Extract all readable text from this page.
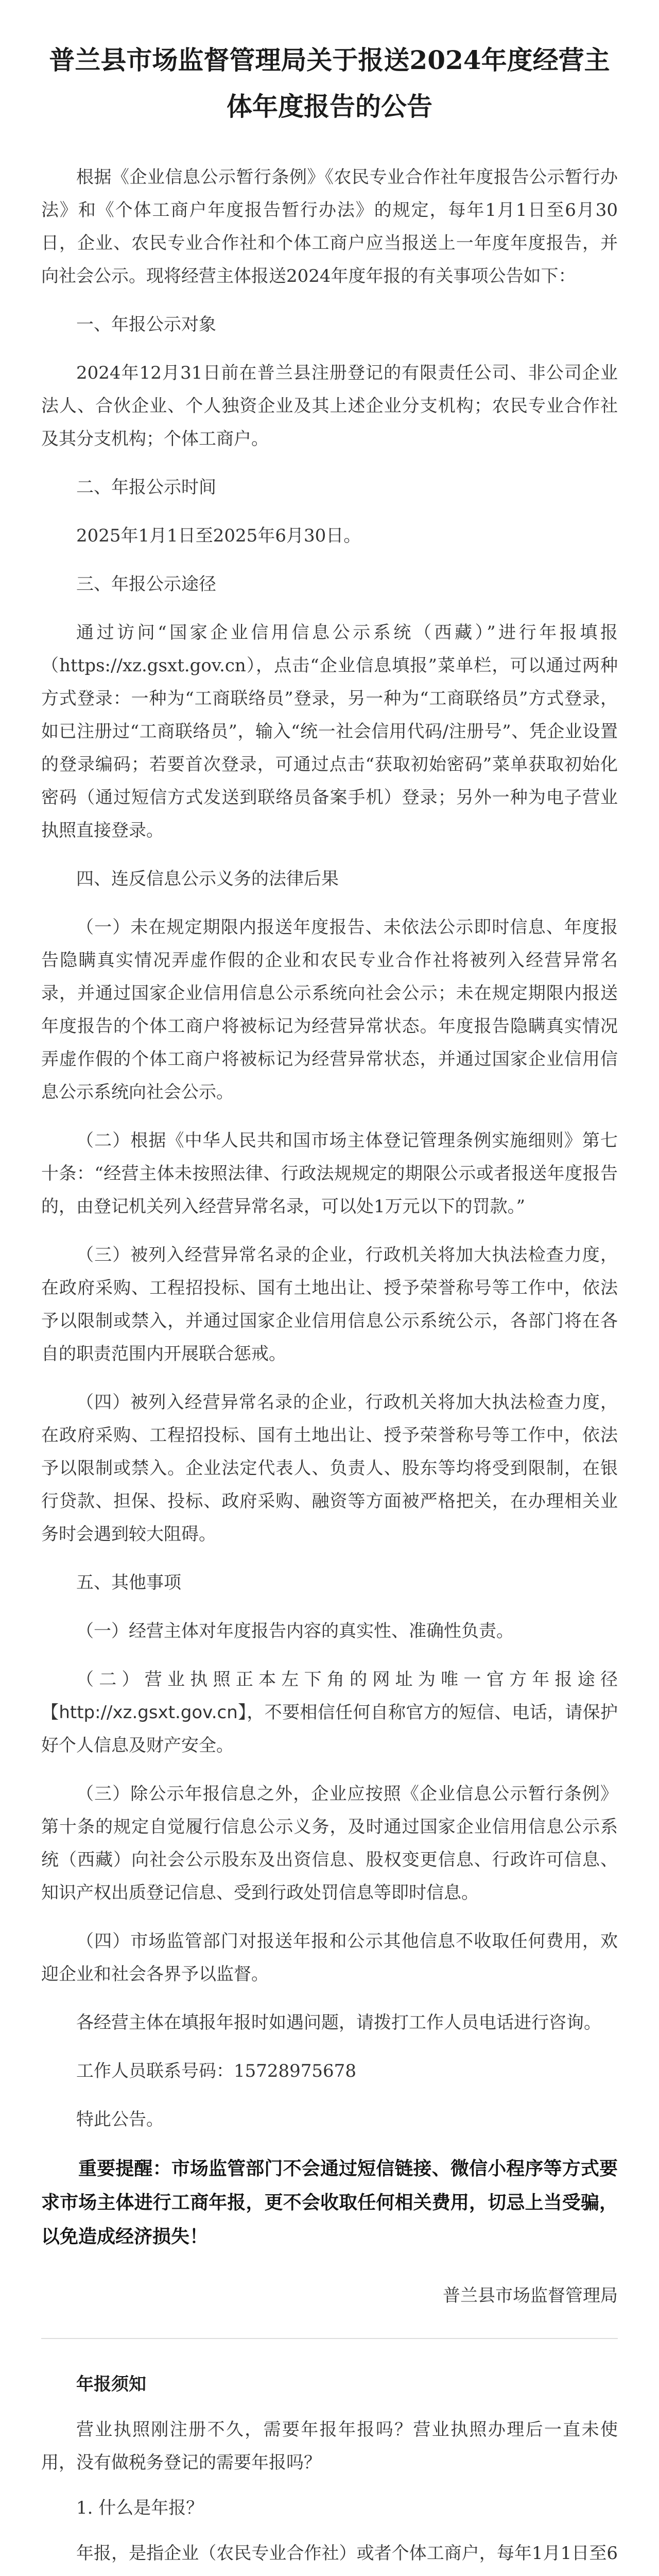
普兰县市场监督管理局关于报送2024年度经营主体年度报告的公告

根据《企业信息公示暂行条例》《农民专业合作社年度报告公示暂行办法》和《个体工商户年度报告暂行办法》的规定，每年1月1日至6月30日，企业、农民专业合作社和个体工商户应当报送上一年度年度报告，并向社会公示。现将经营主体报送2024年度年报的有关事项公告如下：

一、年报公示对象

2024年12月31日前在普兰县注册登记的有限责任公司、非公司企业法人、合伙企业、个人独资企业及其上述企业分支机构；农民专业合作社及其分支机构；个体工商户。

二、年报公示时间

2025年1月1日至2025年6月30日。

三、年报公示途径

通过访问“国家企业信用信息公示系统（西藏）”进行年报填报（https://xz.gsxt.gov.cn），点击“企业信息填报”菜单栏，可以通过两种方式登录：一种为“工商联络员”登录，另一种为“工商联络员”方式登录，如已注册过“工商联络员”，输入“统一社会信用代码/注册号”、凭企业设置的登录编码；若要首次登录，可通过点击“获取初始密码”菜单获取初始化密码（通过短信方式发送到联络员备案手机）登录；另外一种为电子营业执照直接登录。

四、连反信息公示义务的法律后果

（一）未在规定期限内报送年度报告、未依法公示即时信息、年度报告隐瞒真实情况弄虚作假的企业和农民专业合作社将被列入经营异常名录，并通过国家企业信用信息公示系统向社会公示；未在规定期限内报送年度报告的个体工商户将被标记为经营异常状态。年度报告隐瞒真实情况弄虚作假的个体工商户将被标记为经营异常状态，并通过国家企业信用信息公示系统向社会公示。

（二）根据《中华人民共和国市场主体登记管理条例实施细则》第七十条：“经营主体未按照法律、行政法规规定的期限公示或者报送年度报告的，由登记机关列入经营异常名录，可以处1万元以下的罚款。”

（三）被列入经营异常名录的企业，行政机关将加大执法检查力度，在政府采购、工程招投标、国有土地出让、授予荣誉称号等工作中，依法予以限制或禁入，并通过国家企业信用信息公示系统公示，各部门将在各自的职责范围内开展联合惩戒。

（四）被列入经营异常名录的企业，行政机关将加大执法检查力度，在政府采购、工程招投标、国有土地出让、授予荣誉称号等工作中，依法予以限制或禁入。企业法定代表人、负责人、股东等均将受到限制，在银行贷款、担保、投标、政府采购、融资等方面被严格把关，在办理相关业务时会遇到较大阻碍。

五、其他事项

（一）经营主体对年度报告内容的真实性、准确性负责。

（二）营业执照正本左下角的网址为唯一官方年报途径【http://xz.gsxt.gov.cn】，不要相信任何自称官方的短信、电话，请保护好个人信息及财产安全。

（三）除公示年报信息之外，企业应按照《企业信息公示暂行条例》第十条的规定自觉履行信息公示义务，及时通过国家企业信用信息公示系统（西藏）向社会公示股东及出资信息、股权变更信息、行政许可信息、知识产权出质登记信息、受到行政处罚信息等即时信息。

（四）市场监管部门对报送年报和公示其他信息不收取任何费用，欢迎企业和社会各界予以监督。

各经营主体在填报年报时如遇问题，请拨打工作人员电话进行咨询。

工作人员联系号码：15728975678

特此公告。

重要提醒：市场监管部门不会通过短信链接、微信小程序等方式要求市场主体进行工商年报，更不会收取任何相关费用，切忌上当受骗，以免造成经济损失！

普兰县市场监督管理局

年报须知

营业执照刚注册不久，需要年报年报吗？营业执照办理后一直未使用，没有做税务登记的需要年报吗？

1. 什么是年报？

年报，是指企业（农民专业合作社）或者个体工商户，每年1月1日至6
